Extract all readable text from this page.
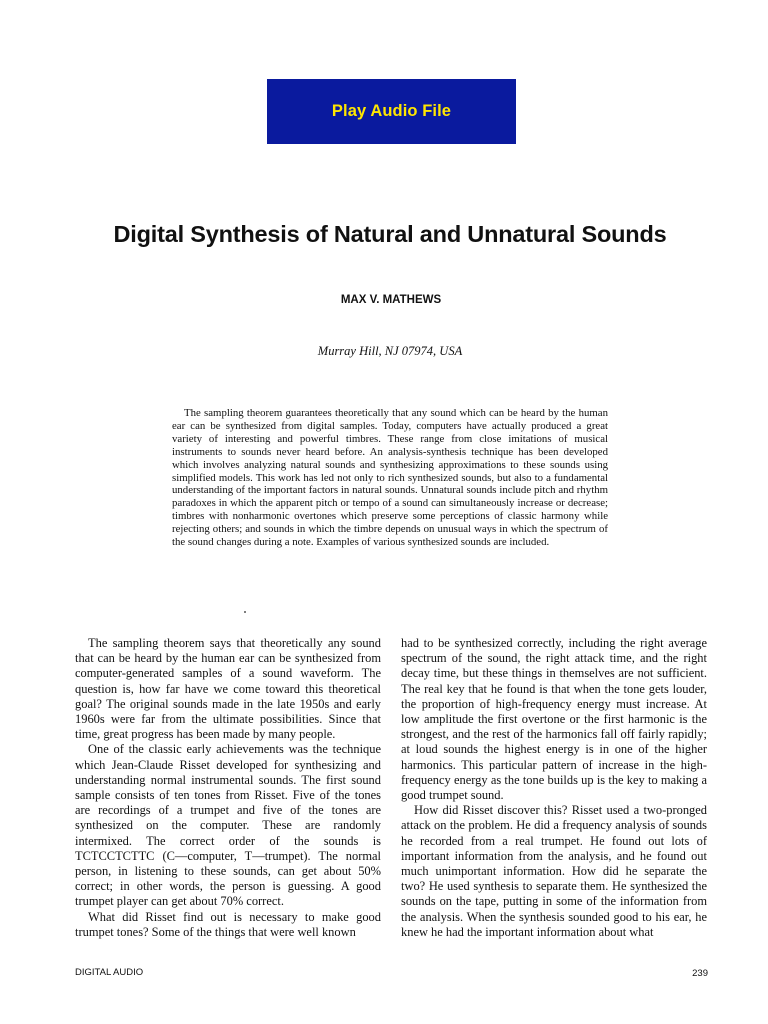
Play Audio File
Digital Synthesis of Natural and Unnatural Sounds
MAX V. MATHEWS
Murray Hill, NJ 07974, USA

The sampling theorem guarantees theoretically that any sound which can be heard by the human ear can be synthesized from digital samples. Today, computers have actually produced a great variety of interesting and powerful timbres. These range from close imitations of musical instruments to sounds never heard before. An analysis-synthesis technique has been developed which involves analyzing natural sounds and synthesizing approximations to these sounds using simplified models. This work has led not only to rich synthesized sounds, but also to a fundamental understanding of the important factors in natural sounds. Unnatural sounds include pitch and rhythm paradoxes in which the apparent pitch or tempo of a sound can simultaneously increase or decrease; timbres with nonharmonic overtones which preserve some perceptions of classic harmony while rejecting others; and sounds in which the timbre depends on unusual ways in which the spectrum of the sound changes during a note. Examples of various synthesized sounds are included.

The sampling theorem says that theoretically any sound that can be heard by the human ear can be synthesized from computer-generated samples of a sound waveform. The question is, how far have we come toward this theoretical goal? The original sounds made in the late 1950s and early 1960s were far from the ultimate possibilities. Since that time, great progress has been made by many people.

One of the classic early achievements was the technique which Jean-Claude Risset developed for synthesizing and understanding normal instrumental sounds. The first sound sample consists of ten tones from Risset. Five of the tones are recordings of a trumpet and five of the tones are synthesized on the computer. These are randomly intermixed. The correct order of the sounds is TCTCCTCTTC (C—computer, T—trumpet). The normal person, in listening to these sounds, can get about 50% correct; in other words, the person is guessing. A good trumpet player can get about 70% correct.

What did Risset find out is necessary to make good trumpet tones? Some of the things that were well known

had to be synthesized correctly, including the right average spectrum of the sound, the right attack time, and the right decay time, but these things in themselves are not sufficient. The real key that he found is that when the tone gets louder, the proportion of high-frequency energy must increase. At low amplitude the first overtone or the first harmonic is the strongest, and the rest of the harmonics fall off fairly rapidly; at loud sounds the highest energy is in one of the higher harmonics. This particular pattern of increase in the high-frequency energy as the tone builds up is the key to making a good trumpet sound.

How did Risset discover this? Risset used a two-pronged attack on the problem. He did a frequency analysis of sounds he recorded from a real trumpet. He found out lots of important information from the analysis, and he found out much unimportant information. How did he separate the two? He used synthesis to separate them. He synthesized the sounds on the tape, putting in some of the information from the analysis. When the synthesis sounded good to his ear, he knew he had the important information about what

DIGITAL AUDIO	239
